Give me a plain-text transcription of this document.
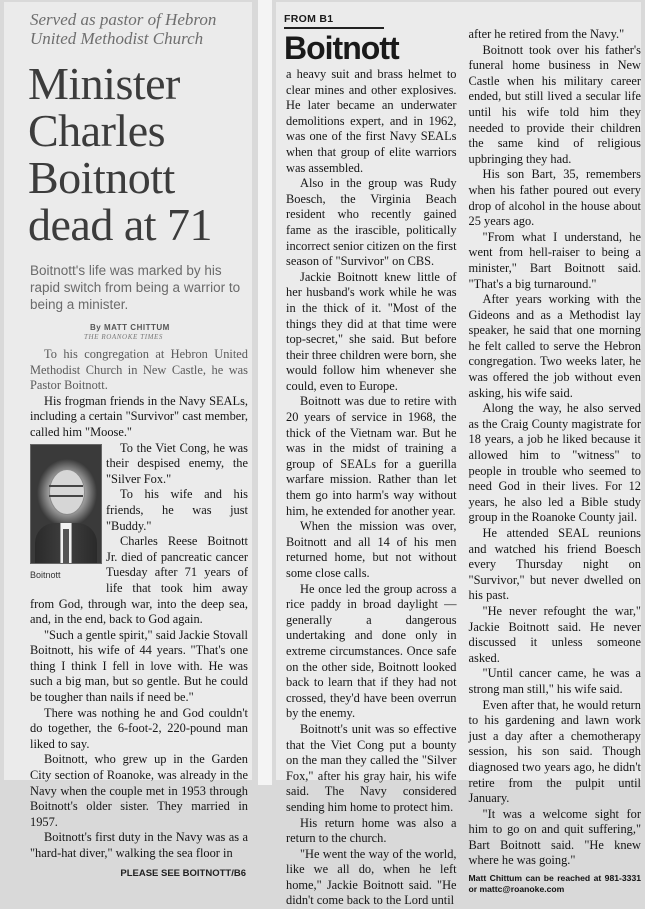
Served as pastor of Hebron United Methodist Church
Minister
Charles
Boitnott
dead at 71
Boitnott's life was marked by his rapid switch from being a warrior to being a minister.
By MATT CHITTUM
THE ROANOKE TIMES

To his congregation at Hebron United Methodist Church in New Castle, he was Pastor Boitnott.

His frogman friends in the Navy SEALs, including a certain "Survivor" cast member, called him "Moose."

Boitnott

To the Viet Cong, he was their despised enemy, the "Silver Fox."

To his wife and his friends, he was just "Buddy."

Charles Reese Boitnott Jr. died of pancreatic cancer Tuesday after 71 years of life that took him away from God, through war, into the deep sea, and, in the end, back to God again.

"Such a gentle spirit," said Jackie Stovall Boitnott, his wife of 44 years. "That's one thing I think I fell in love with. He was such a big man, but so gentle. But he could be tougher than nails if need be."

There was nothing he and God couldn't do together, the 6-foot-2, 220-pound man liked to say.

Boitnott, who grew up in the Garden City section of Roanoke, was already in the Navy when the couple met in 1953 through Boitnott's older sister. They married in 1957.

Boitnott's first duty in the Navy was as a "hard-hat diver," walking the sea floor in

PLEASE SEE BOITNOTT/B6
FROM B1
Boitnott

a heavy suit and brass helmet to clear mines and other explosives. He later became an underwater demolitions expert, and in 1962, was one of the first Navy SEALs when that group of elite warriors was assembled.

Also in the group was Rudy Boesch, the Virginia Beach resident who recently gained fame as the irascible, politically incorrect senior citizen on the first season of "Survivor" on CBS.

Jackie Boitnott knew little of her husband's work while he was in the thick of it. "Most of the things they did at that time were top-secret," she said. But before their three children were born, she would follow him whenever she could, even to Europe.

Boitnott was due to retire with 20 years of service in 1968, the thick of the Vietnam war. But he was in the midst of training a group of SEALs for a guerilla warfare mission. Rather than let them go into harm's way without him, he extended for another year.

When the mission was over, Boitnott and all 14 of his men returned home, but not without some close calls.

He once led the group across a rice paddy in broad daylight — generally a dangerous undertaking and done only in extreme circumstances. Once safe on the other side, Boitnott looked back to learn that if they had not crossed, they'd have been overrun by the enemy.

Boitnott's unit was so effective that the Viet Cong put a bounty on the man they called the "Silver Fox," after his gray hair, his wife said. The Navy considered sending him home to protect him.

His return home was also a return to the church.

"He went the way of the world, like we all do, when he left home," Jackie Boitnott said. "He didn't come back to the Lord until

after he retired from the Navy."

Boitnott took over his father's funeral home business in New Castle when his military career ended, but still lived a secular life until his wife told him they needed to provide their children the same kind of religious upbringing they had.

His son Bart, 35, remembers when his father poured out every drop of alcohol in the house about 25 years ago.

"From what I understand, he went from hell-raiser to being a minister," Bart Boitnott said. "That's a big turnaround."

After years working with the Gideons and as a Methodist lay speaker, he said that one morning he felt called to serve the Hebron congregation. Two weeks later, he was offered the job without even asking, his wife said.

Along the way, he also served as the Craig County magistrate for 18 years, a job he liked because it allowed him to "witness" to people in trouble who seemed to need God in their lives. For 12 years, he also led a Bible study group in the Roanoke County jail.

He attended SEAL reunions and watched his friend Boesch every Thursday night on "Survivor," but never dwelled on his past.

"He never refought the war," Jackie Boitnott said. He never discussed it unless someone asked.

"Until cancer came, he was a strong man still," his wife said.

Even after that, he would return to his gardening and lawn work just a day after a chemotherapy session, his son said. Though diagnosed two years ago, he didn't retire from the pulpit until January.

"It was a welcome sight for him to go on and quit suffering," Bart Boitnott said. "He knew where he was going."

Matt Chittum can be reached at 981-3331 or mattc@roanoke.com
